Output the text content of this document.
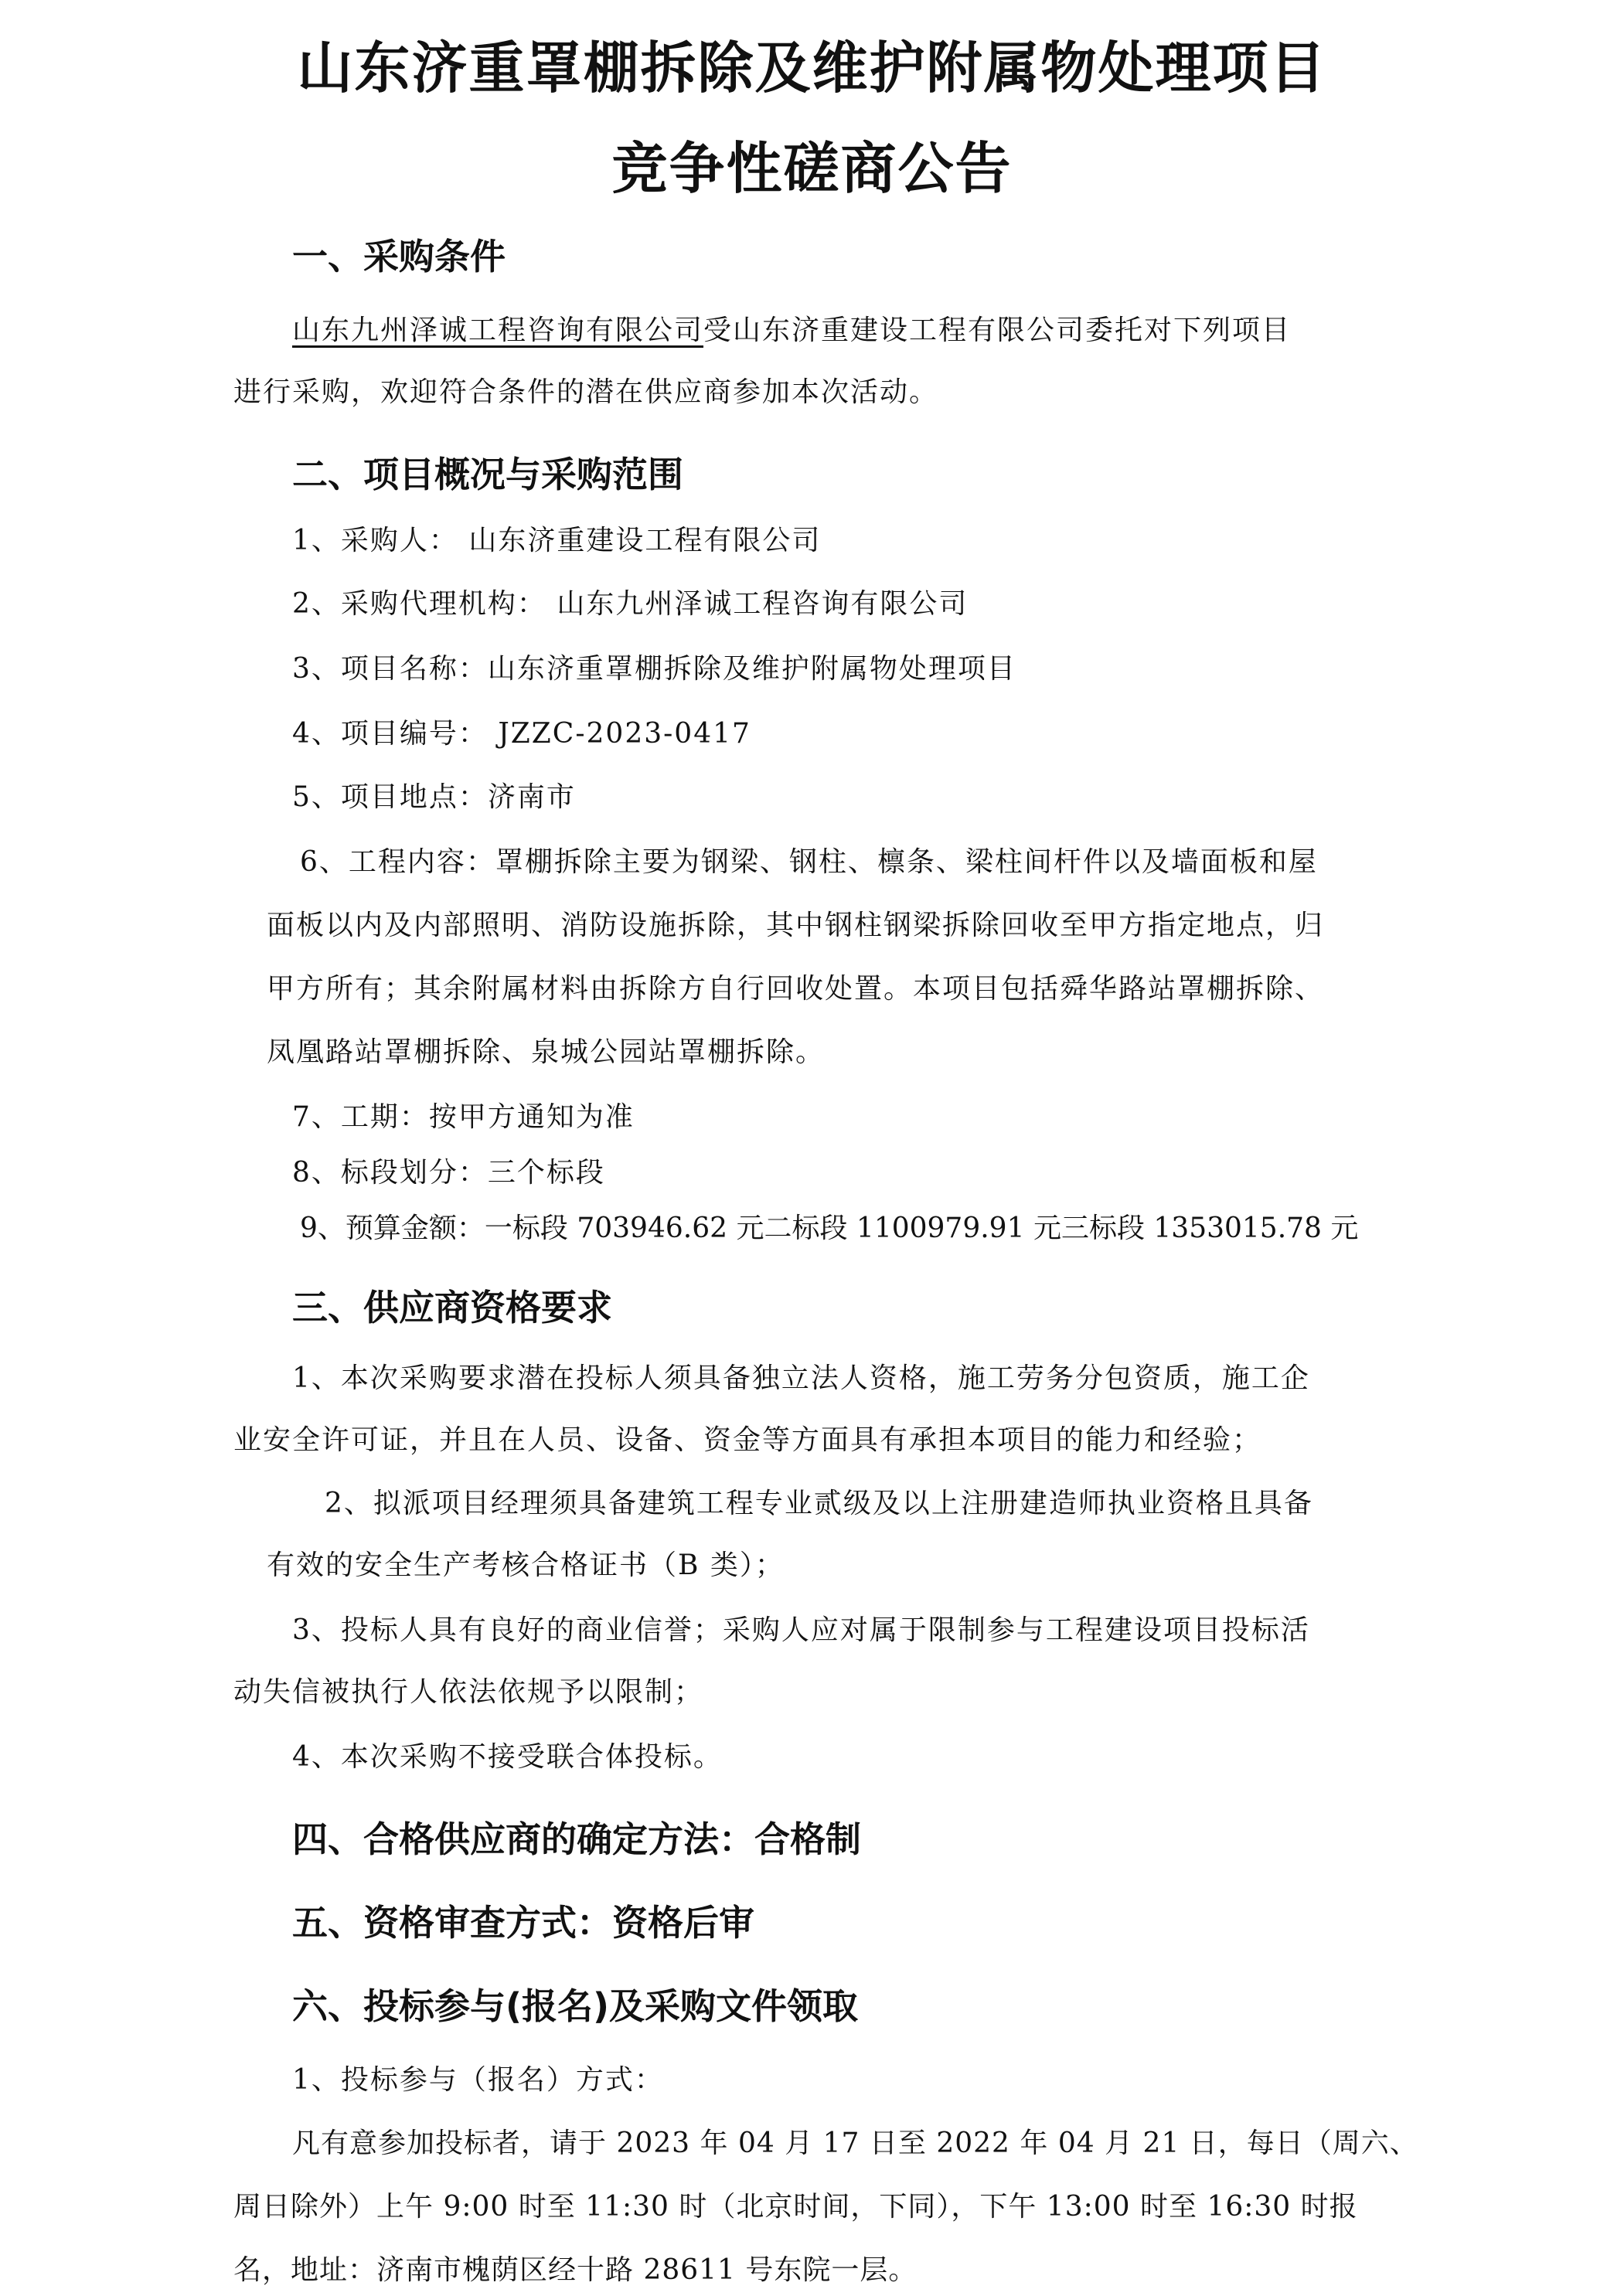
山东济重罩棚拆除及维护附属物处理项目
竞争性磋商公告
一、采购条件
山东九州泽诚工程咨询有限公司受山东济重建设工程有限公司委托对下列项目
进行采购，欢迎符合条件的潜在供应商参加本次活动。
二、项目概况与采购范围
1、采购人： 山东济重建设工程有限公司
2、采购代理机构： 山东九州泽诚工程咨询有限公司
3、项目名称：山东济重罩棚拆除及维护附属物处理项目
4、项目编号： JZZC-2023-0417
5、项目地点：济南市
6、工程内容：罩棚拆除主要为钢梁、钢柱、檩条、梁柱间杆件以及墙面板和屋
面板以内及内部照明、消防设施拆除，其中钢柱钢梁拆除回收至甲方指定地点，归
甲方所有；其余附属材料由拆除方自行回收处置。本项目包括舜华路站罩棚拆除、
凤凰路站罩棚拆除、泉城公园站罩棚拆除。
7、工期：按甲方通知为准
8、标段划分：三个标段
9、预算金额：一标段 703946.62 元二标段 1100979.91 元三标段 1353015.78 元
三、供应商资格要求
1、本次采购要求潜在投标人须具备独立法人资格，施工劳务分包资质，施工企
业安全许可证，并且在人员、设备、资金等方面具有承担本项目的能力和经验；
2、拟派项目经理须具备建筑工程专业贰级及以上注册建造师执业资格且具备
有效的安全生产考核合格证书（B 类）；
3、投标人具有良好的商业信誉；采购人应对属于限制参与工程建设项目投标活
动失信被执行人依法依规予以限制；
4、本次采购不接受联合体投标。
四、合格供应商的确定方法：合格制
五、资格审查方式：资格后审
六、投标参与(报名)及采购文件领取
1、投标参与（报名）方式：
凡有意参加投标者，请于 2023 年 04 月 17 日至 2022 年 04 月 21 日，每日（周六、
周日除外）上午 9:00 时至 11:30 时（北京时间，下同），下午 13:00 时至 16:30 时报
名，地址：济南市槐荫区经十路 28611 号东院一层。
